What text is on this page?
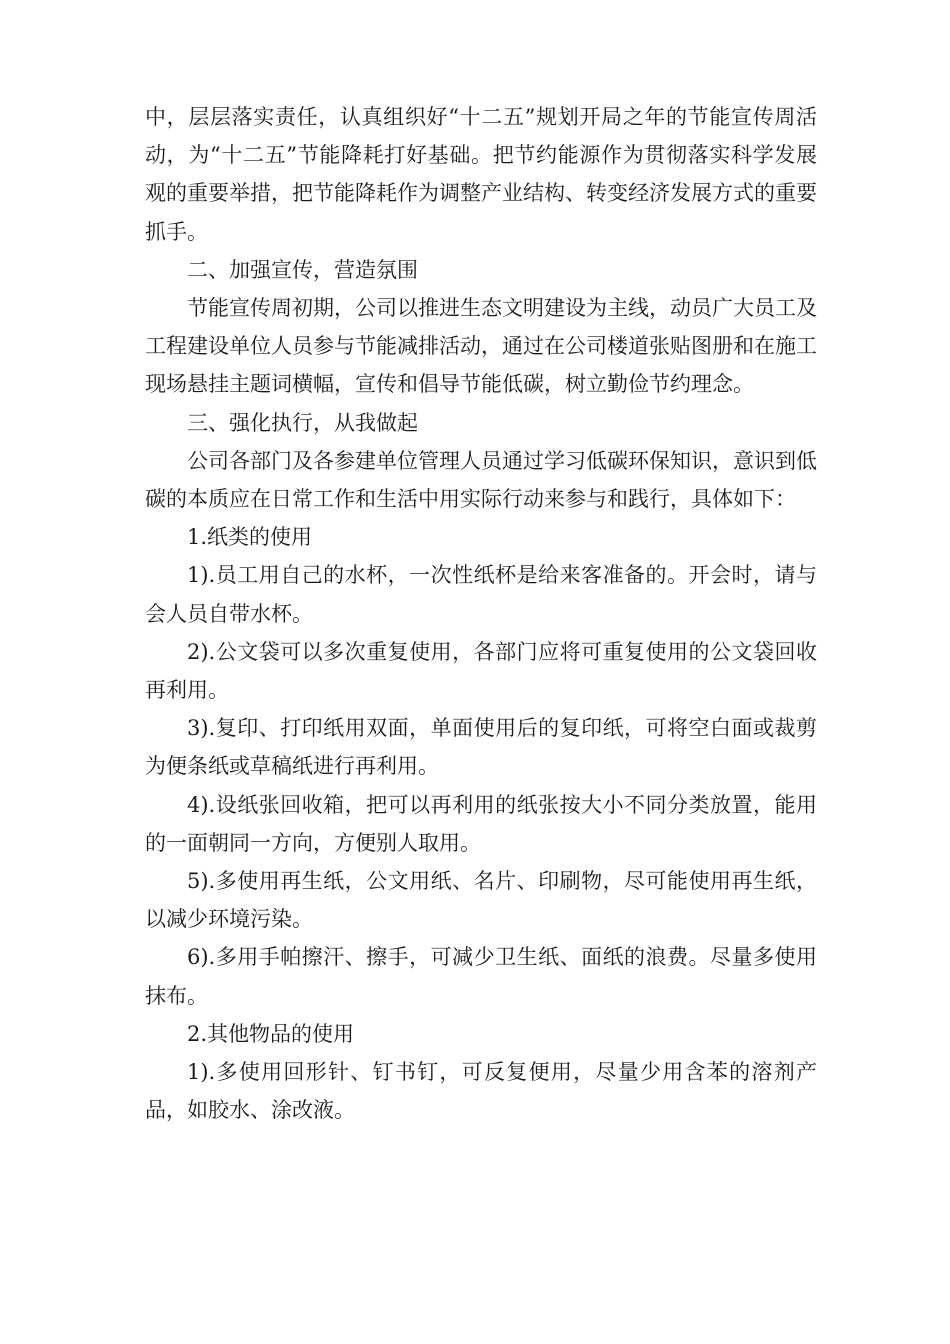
中，层层落实责任，认真组织好“十二五”规划开局之年的节能宣传周活动，为“十二五”节能降耗打好基础。把节约能源作为贯彻落实科学发展观的重要举措，把节能降耗作为调整产业结构、转变经济发展方式的重要抓手。

二、加强宣传，营造氛围

节能宣传周初期，公司以推进生态文明建设为主线，动员广大员工及工程建设单位人员参与节能减排活动，通过在公司楼道张贴图册和在施工现场悬挂主题词横幅，宣传和倡导节能低碳，树立勤俭节约理念。

三、强化执行，从我做起

公司各部门及各参建单位管理人员通过学习低碳环保知识，意识到低碳的本质应在日常工作和生活中用实际行动来参与和践行，具体如下：

1.纸类的使用

1).员工用自己的水杯，一次性纸杯是给来客准备的。开会时，请与会人员自带水杯。

2).公文袋可以多次重复使用，各部门应将可重复使用的公文袋回收再利用。

3).复印、打印纸用双面，单面使用后的复印纸，可将空白面或裁剪为便条纸或草稿纸进行再利用。

4).设纸张回收箱，把可以再利用的纸张按大小不同分类放置，能用的一面朝同一方向，方便别人取用。

5).多使用再生纸，公文用纸、名片、印刷物，尽可能使用再生纸，以减少环境污染。

6).多用手帕擦汗、擦手，可减少卫生纸、面纸的浪费。尽量多使用抹布。

2.其他物品的使用

1).多使用回形针、钉书钉，可反复便用，尽量少用含苯的溶剂产品，如胶水、涂改液。
